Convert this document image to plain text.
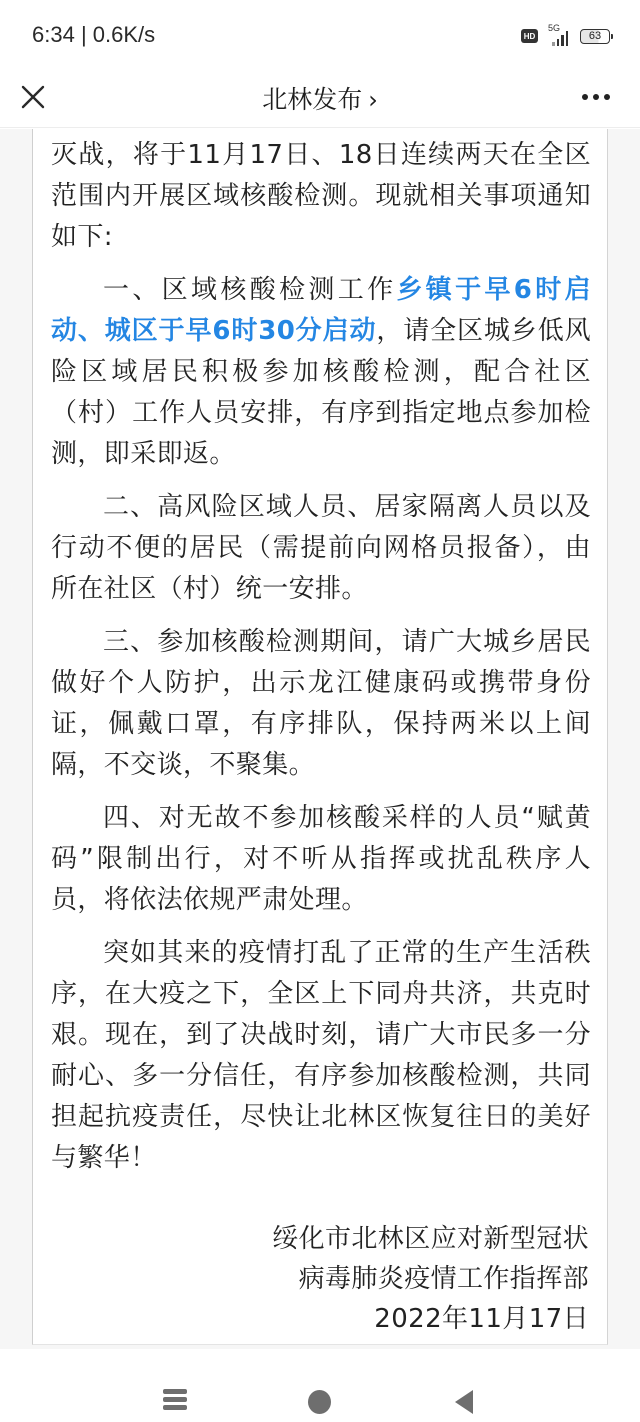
6:34 | 0.6K/s	HD
5G
63
北林发布 ›

灭战，将于11月17日、18日连续两天在全区范围内开展区域核酸检测。现就相关事项通知如下:

一、区域核酸检测工作乡镇于早6时启动、城区于早6时30分启动，请全区城乡低风险区域居民积极参加核酸检测，配合社区（村）工作人员安排，有序到指定地点参加检测，即采即返。

二、高风险区域人员、居家隔离人员以及行动不便的居民（需提前向网格员报备），由所在社区（村）统一安排。

三、参加核酸检测期间，请广大城乡居民做好个人防护，出示龙江健康码或携带身份证，佩戴口罩，有序排队，保持两米以上间隔，不交谈，不聚集。

四、对无故不参加核酸采样的人员“赋黄码”限制出行，对不听从指挥或扰乱秩序人员，将依法依规严肃处理。

突如其来的疫情打乱了正常的生产生活秩序，在大疫之下，全区上下同舟共济，共克时艰。现在，到了决战时刻，请广大市民多一分耐心、多一分信任，有序参加核酸检测，共同担起抗疫责任，尽快让北林区恢复往日的美好与繁华！

绥化市北林区应对新型冠状
病毒肺炎疫情工作指挥部
2022年11月17日
